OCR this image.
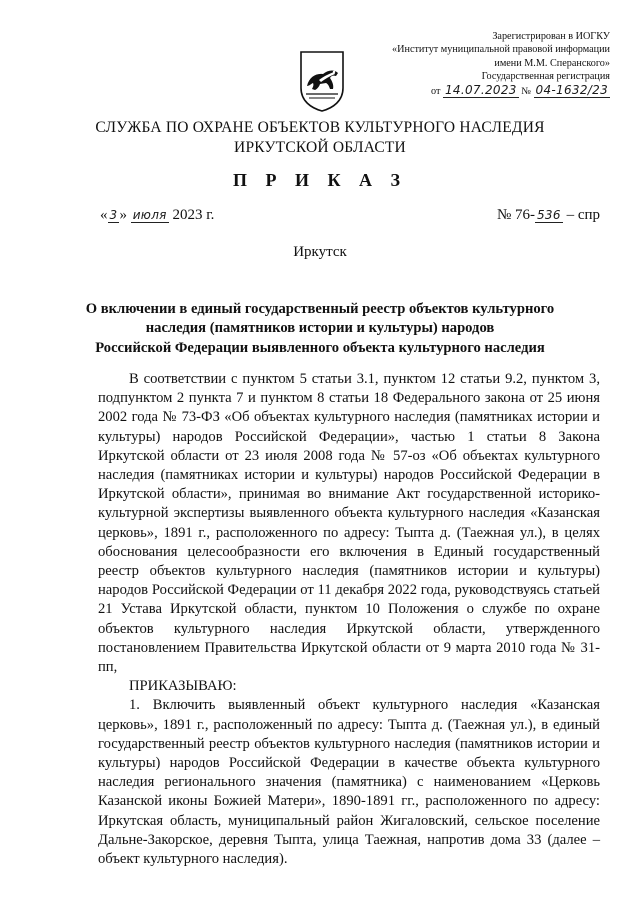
Зарегистрирован в ИОГКУ
«Институт муниципальной правовой информации
имени М.М. Сперанского»
Государственная регистрация
от 14.07.2023 № 04-1632/23
СЛУЖБА ПО ОХРАНЕ ОБЪЕКТОВ КУЛЬТУРНОГО НАСЛЕДИЯ
ИРКУТСКОЙ ОБЛАСТИ
П Р И К А З
« 3 » июля 2023 г.	№ 76- 536 – спр
Иркутск
О включении в единый государственный реестр объектов культурного
наследия (памятников истории и культуры) народов
Российской Федерации выявленного объекта культурного наследия

В соответствии с пунктом 5 статьи 3.1, пунктом 12 статьи 9.2, пунктом 3, подпунктом 2 пункта 7 и пунктом 8 статьи 18 Федерального закона от 25 июня 2002 года № 73-ФЗ «Об объектах культурного наследия (памятниках истории и культуры) народов Российской Федерации», частью 1 статьи 8 Закона Иркутской области от 23 июля 2008 года № 57-оз «Об объектах культурного наследия (памятниках истории и культуры) народов Российской Федерации в Иркутской области», принимая во внимание Акт государственной историко-культурной экспертизы выявленного объекта культурного наследия «Казанская церковь», 1891 г., расположенного по адресу: Тыпта д. (Таежная ул.), в целях обоснования целесообразности его включения в Единый государственный реестр объектов культурного наследия (памятников истории и культуры) народов Российской Федерации от 11 декабря 2022 года, руководствуясь статьей 21 Устава Иркутской области, пунктом 10 Положения о службе по охране объектов культурного наследия Иркутской области, утвержденного постановлением Правительства Иркутской области от 9 марта 2010 года № 31-пп,

ПРИКАЗЫВАЮ:

1. Включить выявленный объект культурного наследия «Казанская церковь», 1891 г., расположенный по адресу: Тыпта д. (Таежная ул.), в единый государственный реестр объектов культурного наследия (памятников истории и культуры) народов Российской Федерации в качестве объекта культурного наследия регионального значения (памятника) с наименованием «Церковь Казанской иконы Божией Матери», 1890-1891 гг., расположенного по адресу: Иркутская область, муниципальный район Жигаловский, сельское поселение Дальне-Закорское, деревня Тыпта, улица Таежная, напротив дома 33 (далее – объект культурного наследия).
